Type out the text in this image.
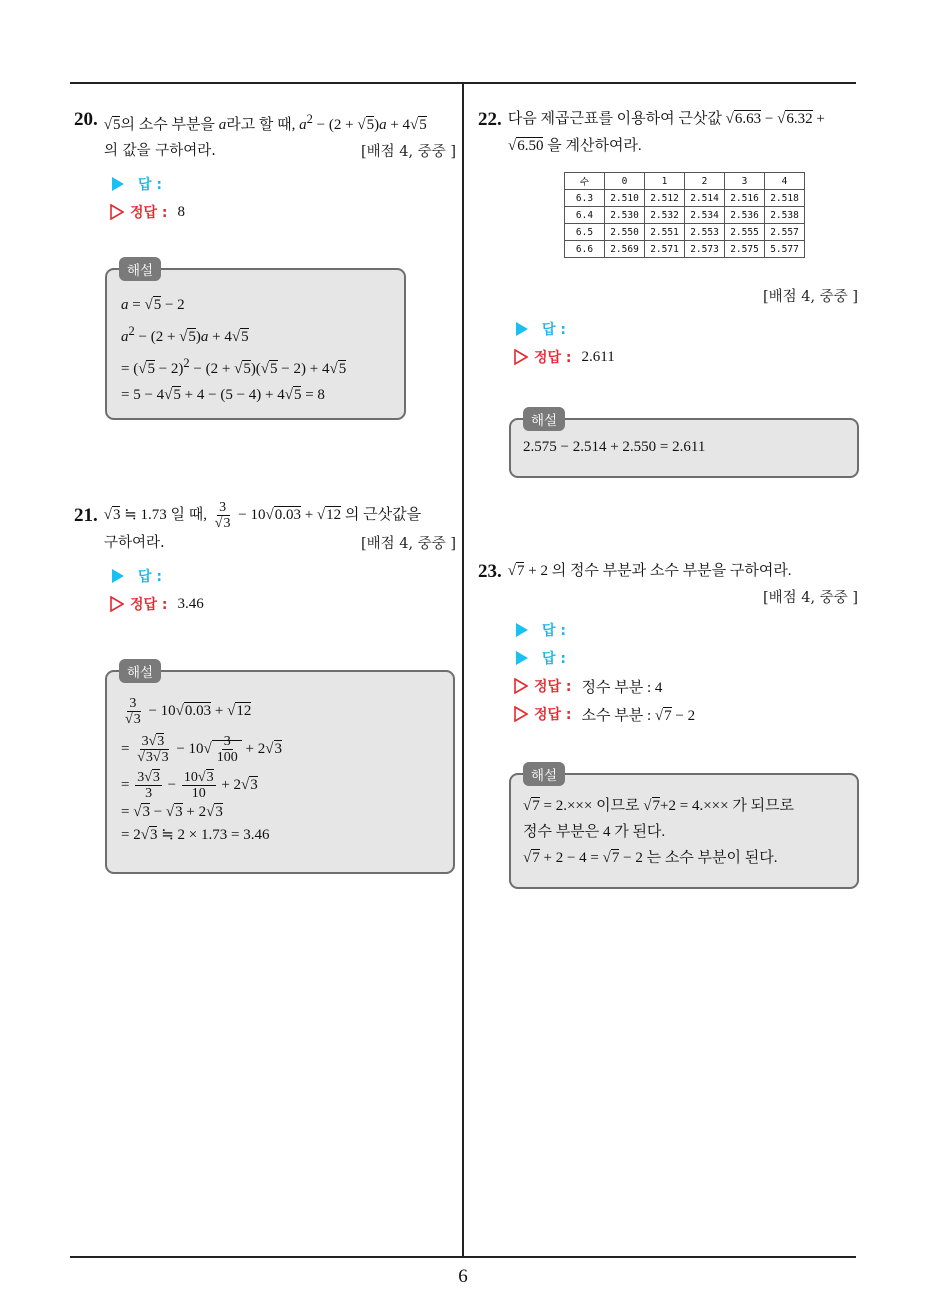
6
20. √5의 소수 부분을 a라고 할 때, $a^2 - (2 + √5)a + 4√5$
의 값을 구하여라.	[배점 4, 중중 ]
답 :
정답 : 8
해설
a = √5 − 2
$a^2 - (2 + √5)a + 4√5$
= $(√5 - 2)^2 - (2 + √5)(√5 - 2) + 4√5$
= 5 − 4√5 + 4 − (5 − 4) + 4√5 = 8
21. √3 ≒ 1.73 일 때, $\frac{3}{√3} - 10√0.03 + √12$ 의 근삿값을
구하여라.	[배점 4, 중중 ]
답 :
정답 : 3.46
해설
$\frac{3}{√3} - 10√0.03 + √12$
= $\frac{3√3}{√3√3} - 10√ \frac{3}{100} + 2√3$
= $\frac{3√3}{3} - \frac{10√3}{10} + 2√3$
= √3 − √3 + 2√3
= 2√3 ≒ 2 × 1.73 = 3.46
22. 다음 제곱근표를 이용하여 근삿값 √6.63 − √6.32 +
√6.50 을 계산하여라.
수	0	1	2	3	4
6.3	2.510	2.512	2.514	2.516	2.518
6.4	2.530	2.532	2.534	2.536	2.538
6.5	2.550	2.551	2.553	2.555	2.557
6.6	2.569	2.571	2.573	2.575	5.577
[배점 4, 중중 ]
답 :
정답 : 2.611
해설
2.575 − 2.514 + 2.550 = 2.611
23. √7 + 2 의 정수 부분과 소수 부분을 구하여라.
[배점 4, 중중 ]
답 :
답 :
정답 : 정수 부분 : 4
정답 : 소수 부분 : √7 − 2
해설
√7 = 2.××× 이므로 √7+2 = 4.××× 가 되므로
정수 부분은 4 가 된다.
√7 + 2 − 4 = √7 − 2 는 소수 부분이 된다.
